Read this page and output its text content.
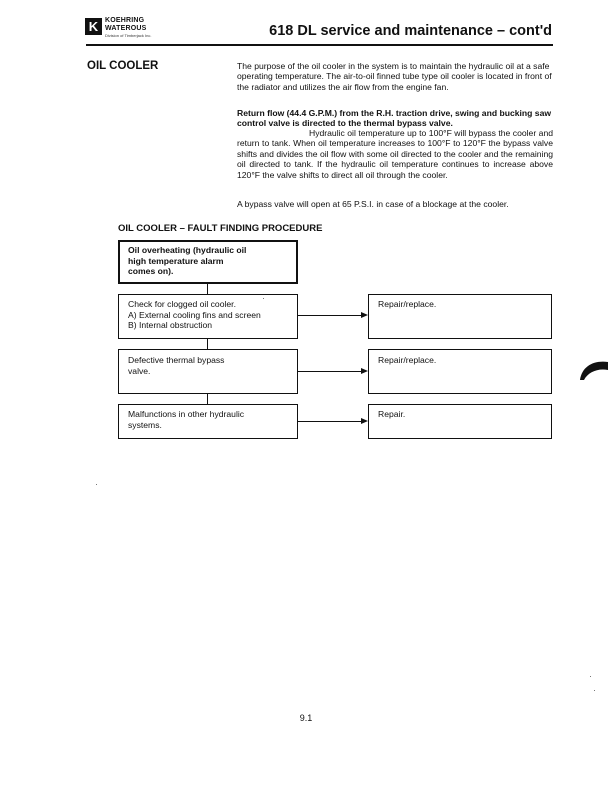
K KOEHRING
WATEROUS
Division of Timberjack Inc.	618 DL service and maintenance – cont'd
OIL COOLER	The purpose of the oil cooler in the system is to maintain the hydraulic oil at a safe operating temperature. The air-to-oil finned tube type oil cooler is located in front of the radiator and utilizes the air flow from the engine fan.

Return flow (44.4 G.P.M.) from the R.H. traction drive, swing and bucking saw control valve is directed to the thermal bypass valve.

Hydraulic oil temperature up to 100°F will bypass the cooler and return to tank. When oil temperature increases to 100°F to 120°F the bypass valve shifts and divides the oil flow with some oil directed to the cooler and the remaining oil directed to tank. If the hydraulic oil temperature continues to increase above 120°F the valve shifts to direct all oil through the cooler.

A bypass valve will open at 65 P.S.I. in case of a blockage at the cooler.

OIL COOLER – FAULT FINDING PROCEDURE
Oil overheating (hydraulic oil
high temperature alarm
comes on).
Check for clogged oil cooler.
A) External cooling fins and screen
B) Internal obstruction
Repair/replace.
Defective thermal bypass
valve.
Repair/replace.
Malfunctions in other hydraulic
systems.
Repair.
9.1
